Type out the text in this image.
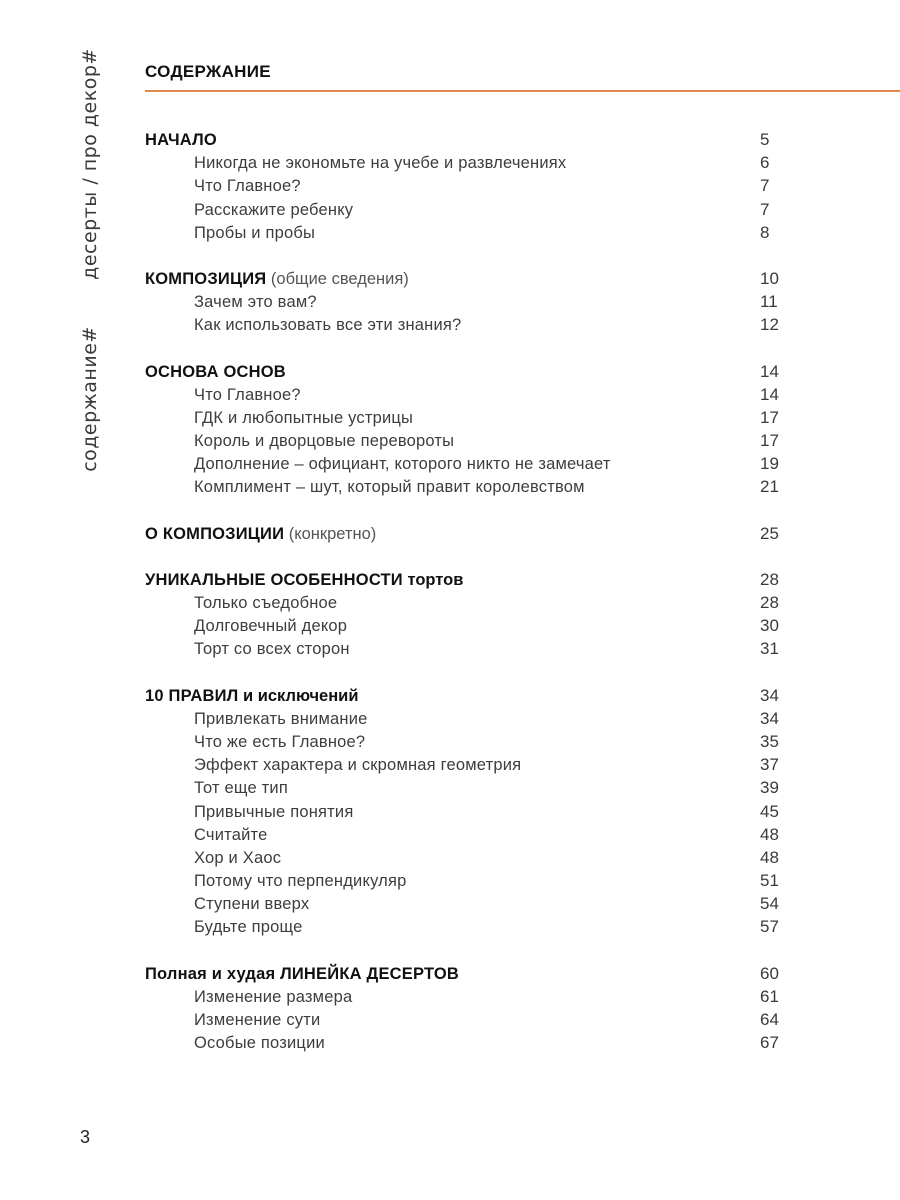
десерты / про декор#
содержание#
СОДЕРЖАНИЕ
НАЧАЛО	5
Никогда не экономьте на учебе и развлечениях	6
Что Главное?	7
Расскажите ребенку	7
Пробы и пробы	8
КОМПОЗИЦИЯ (общие сведения)	10
Зачем это вам?	11
Как использовать все эти знания?	12
ОСНОВА ОСНОВ	14
Что Главное?	14
ГДК и любопытные устрицы	17
Король и дворцовые перевороты	17
Дополнение – официант, которого никто не замечает	19
Комплимент – шут, который правит королевством	21
О КОМПОЗИЦИИ (конкретно)	25
УНИКАЛЬНЫЕ ОСОБЕННОСТИ тортов	28
Только съедобное	28
Долговечный декор	30
Торт со всех сторон	31
10 ПРАВИЛ и исключений	34
Привлекать внимание	34
Что же есть Главное?	35
Эффект характера и скромная геометрия	37
Тот еще тип	39
Привычные понятия	45
Считайте	48
Хор и Хаос	48
Потому что перпендикуляр	51
Ступени вверх	54
Будьте проще	57
Полная и худая ЛИНЕЙКА ДЕСЕРТОВ	60
Изменение размера	61
Изменение сути	64
Особые позиции	67
3
